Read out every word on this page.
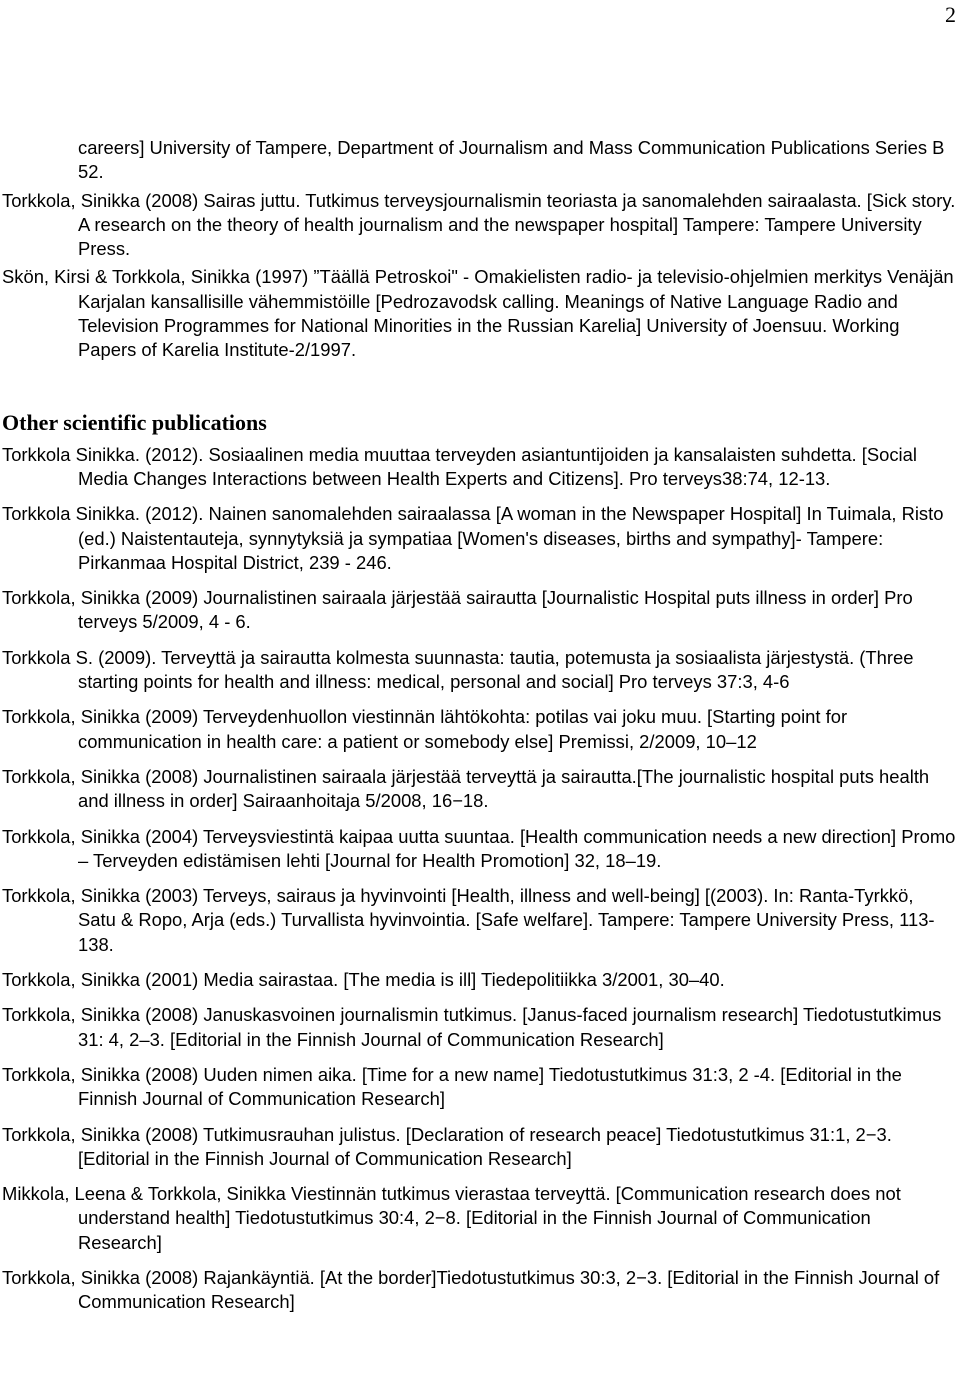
2

careers] University of Tampere, Department of Journalism and Mass Communication Publications Series B 52.

Torkkola, Sinikka (2008) Sairas juttu. Tutkimus terveysjournalismin teoriasta ja sanomalehden sairaalasta. [Sick story. A research on the theory of health journalism and the newspaper hospital] Tampere: Tampere University Press.

Skön, Kirsi & Torkkola, Sinikka (1997) ”Täällä Petroskoi" - Omakielisten radio- ja televisio-ohjelmien merkitys Venäjän Karjalan kansallisille vähemmistöille [Pedrozavodsk calling. Meanings of Native Language Radio and Television Programmes for National Minorities in the Russian Karelia] University of Joensuu. Working Papers of Karelia Institute-2/1997.

Other scientific publications

Torkkola Sinikka. (2012). Sosiaalinen media muuttaa terveyden asiantuntijoiden ja kansalaisten suhdetta. [Social Media Changes Interactions between Health Experts and Citizens]. Pro terveys38:74, 12-13.

Torkkola Sinikka. (2012). Nainen sanomalehden sairaalassa [A woman in the Newspaper Hospital] In Tuimala, Risto (ed.) Naistentauteja, synnytyksiä ja sympatiaa [Women's diseases, births and sympathy]- Tampere: Pirkanmaa Hospital District, 239 - 246.

Torkkola, Sinikka (2009) Journalistinen sairaala järjestää sairautta [Journalistic Hospital puts illness in order] Pro terveys 5/2009, 4 - 6.

Torkkola S. (2009). Terveyttä ja sairautta kolmesta suunnasta: tautia, potemusta ja sosiaalista järjestystä. (Three starting points for health and illness: medical, personal and social] Pro terveys 37:3, 4-6

Torkkola, Sinikka (2009) Terveydenhuollon viestinnän lähtökohta: potilas vai joku muu. [Starting point for communication in health care: a patient or somebody else] Premissi, 2/2009, 10–12

Torkkola, Sinikka (2008) Journalistinen sairaala järjestää terveyttä ja sairautta.[The journalistic hospital puts health and illness in order] Sairaanhoitaja 5/2008, 16−18.

Torkkola, Sinikka (2004) Terveysviestintä kaipaa uutta suuntaa. [Health communication needs a new direction] Promo – Terveyden edistämisen lehti [Journal for Health Promotion] 32, 18–19.

Torkkola, Sinikka (2003) Terveys, sairaus ja hyvinvointi [Health, illness and well-being] [(2003). In: Ranta-Tyrkkö, Satu & Ropo, Arja (eds.) Turvallista hyvinvointia. [Safe welfare]. Tampere: Tampere University Press, 113-138.

Torkkola, Sinikka (2001) Media sairastaa. [The media is ill] Tiedepolitiikka 3/2001, 30–40.

Torkkola, Sinikka (2008) Januskasvoinen journalismin tutkimus. [Janus-faced journalism research] Tiedotustutkimus 31: 4, 2–3. [Editorial in the Finnish Journal of Communication Research]

Torkkola, Sinikka (2008) Uuden nimen aika. [Time for a new name] Tiedotustutkimus 31:3, 2 -4. [Editorial in the Finnish Journal of Communication Research]

Torkkola, Sinikka (2008) Tutkimusrauhan julistus. [Declaration of research peace] Tiedotustutkimus 31:1, 2−3. [Editorial in the Finnish Journal of Communication Research]

Mikkola, Leena & Torkkola, Sinikka Viestinnän tutkimus vierastaa terveyttä. [Communication research does not understand health] Tiedotustutkimus 30:4, 2−8. [Editorial in the Finnish Journal of Communication Research]

Torkkola, Sinikka (2008) Rajankäyntiä. [At the border]Tiedotustutkimus 30:3, 2−3. [Editorial in the Finnish Journal of Communication Research]
